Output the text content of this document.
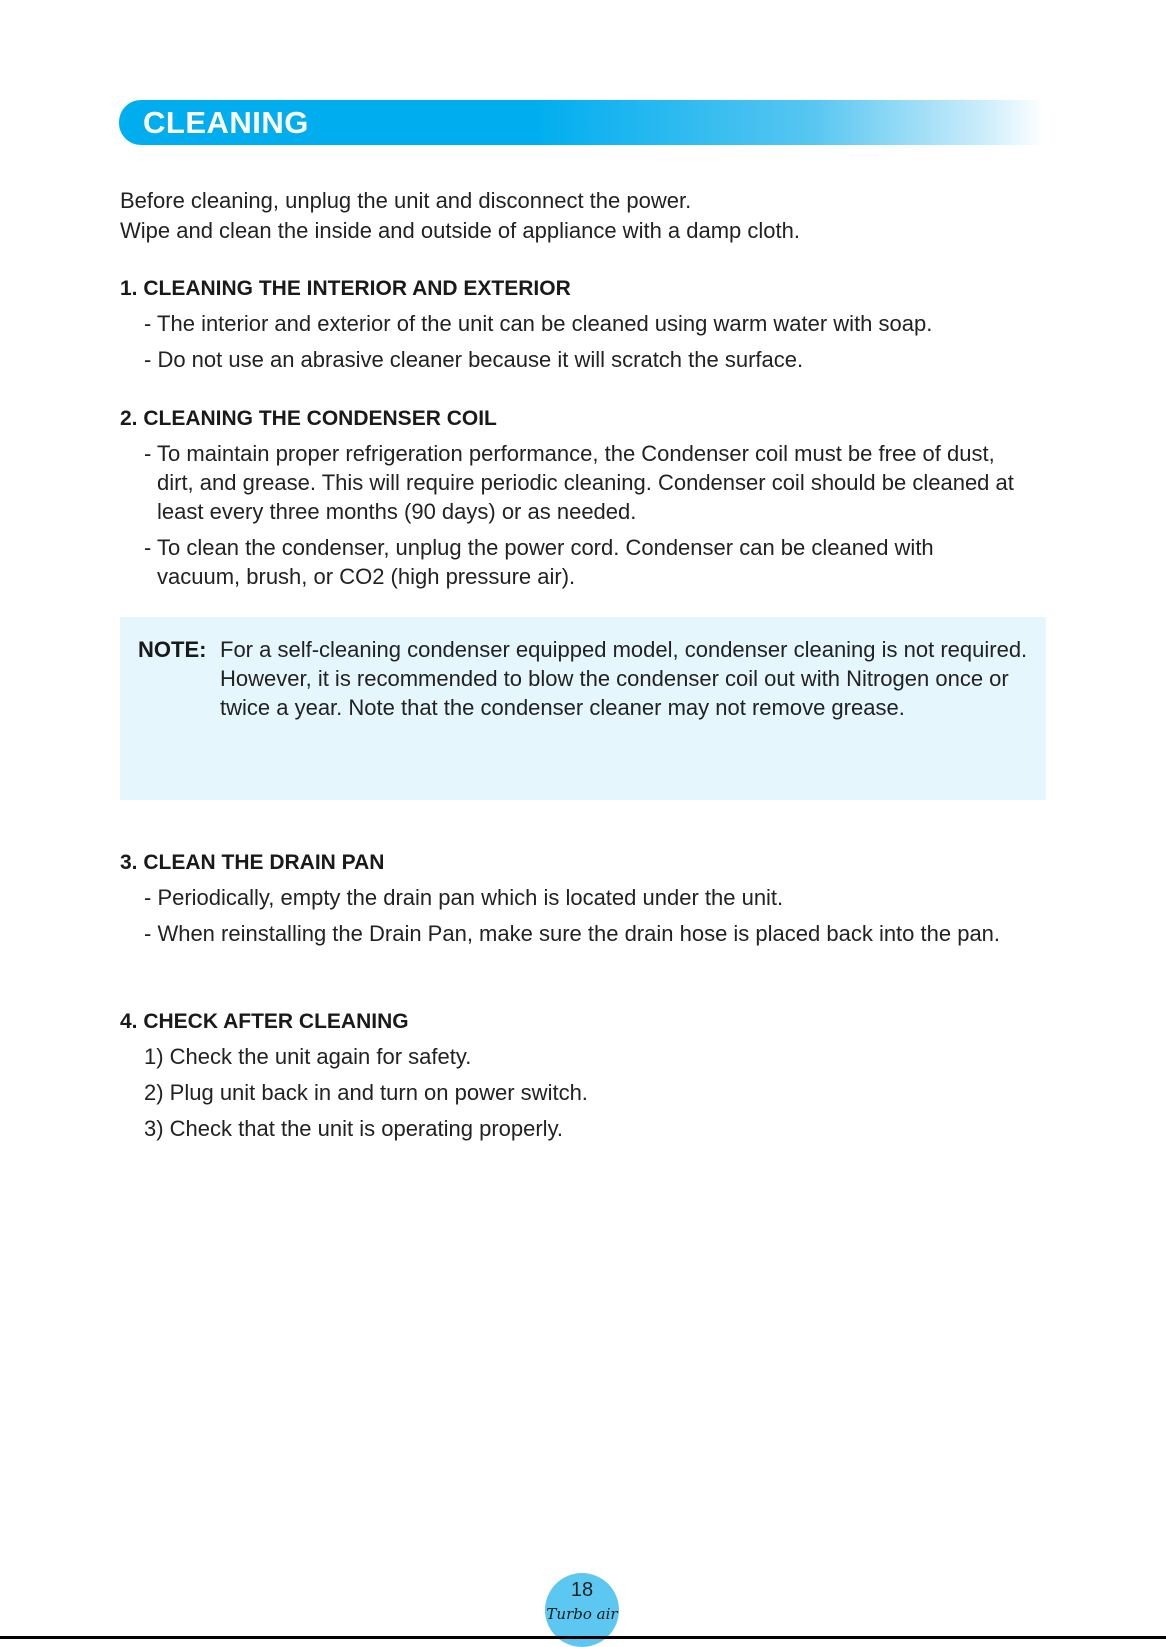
CLEANING
Before cleaning, unplug the unit and disconnect the power.
Wipe and clean the inside and outside of appliance with a damp cloth.
1. CLEANING THE INTERIOR AND EXTERIOR
- The interior and exterior of the unit can be cleaned using warm water with soap.
- Do not use an abrasive cleaner because it will scratch the surface.
2. CLEANING THE CONDENSER COIL
- To maintain proper refrigeration performance, the Condenser coil must be free of dust, dirt, and grease. This will require periodic cleaning. Condenser coil should be cleaned at least every three months (90 days) or as needed.
- To clean the condenser, unplug the power cord. Condenser can be cleaned with vacuum, brush, or CO2 (high pressure air).
NOTE: For a self-cleaning condenser equipped model, condenser cleaning is not required.

However, it is recommended to blow the condenser coil out with Nitrogen once or twice a year. Note that the condenser cleaner may not remove grease.

3. CLEAN THE DRAIN PAN
- Periodically, empty the drain pan which is located under the unit.
- When reinstalling the Drain Pan, make sure the drain hose is placed back into the pan.
4. CHECK AFTER CLEANING
1) Check the unit again for safety.
2) Plug unit back in and turn on power switch.
3) Check that the unit is operating properly.
18
Turbo air
